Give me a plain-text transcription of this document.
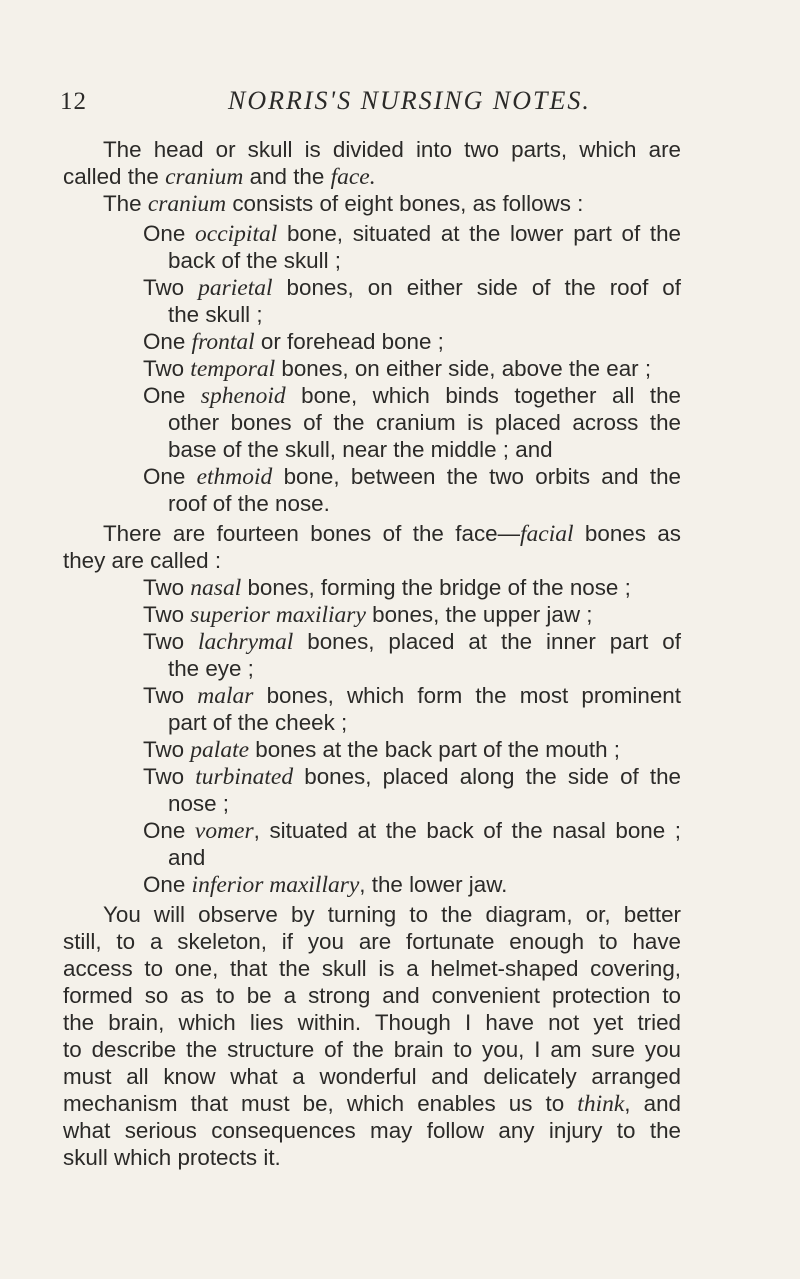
12	NORRIS'S NURSING NOTES.
The head or skull is divided into two parts, which are
called the cranium and the face.
The cranium consists of eight bones, as follows :
One occipital bone, situated at the lower part of the
back of the skull ;
Two parietal bones, on either side of the roof of
the skull ;
One frontal or forehead bone ;
Two temporal bones, on either side, above the ear ;
One sphenoid bone, which binds together all the
other bones of the cranium is placed across the
base of the skull, near the middle ; and
One ethmoid bone, between the two orbits and the
roof of the nose.
There are fourteen bones of the face—facial bones as
they are called :
Two nasal bones, forming the bridge of the nose ;
Two superior maxiliary bones, the upper jaw ;
Two lachrymal bones, placed at the inner part of
the eye ;
Two malar bones, which form the most prominent
part of the cheek ;
Two palate bones at the back part of the mouth ;
Two turbinated bones, placed along the side of the
nose ;
One vomer, situated at the back of the nasal bone ;
and
One inferior maxillary, the lower jaw.
You will observe by turning to the diagram, or, better
still, to a skeleton, if you are fortunate enough to have
access to one, that the skull is a helmet-shaped covering,
formed so as to be a strong and convenient protection to
the brain, which lies within. Though I have not yet tried
to describe the structure of the brain to you, I am sure you
must all know what a wonderful and delicately arranged
mechanism that must be, which enables us to think, and
what serious consequences may follow any injury to the
skull which protects it.
